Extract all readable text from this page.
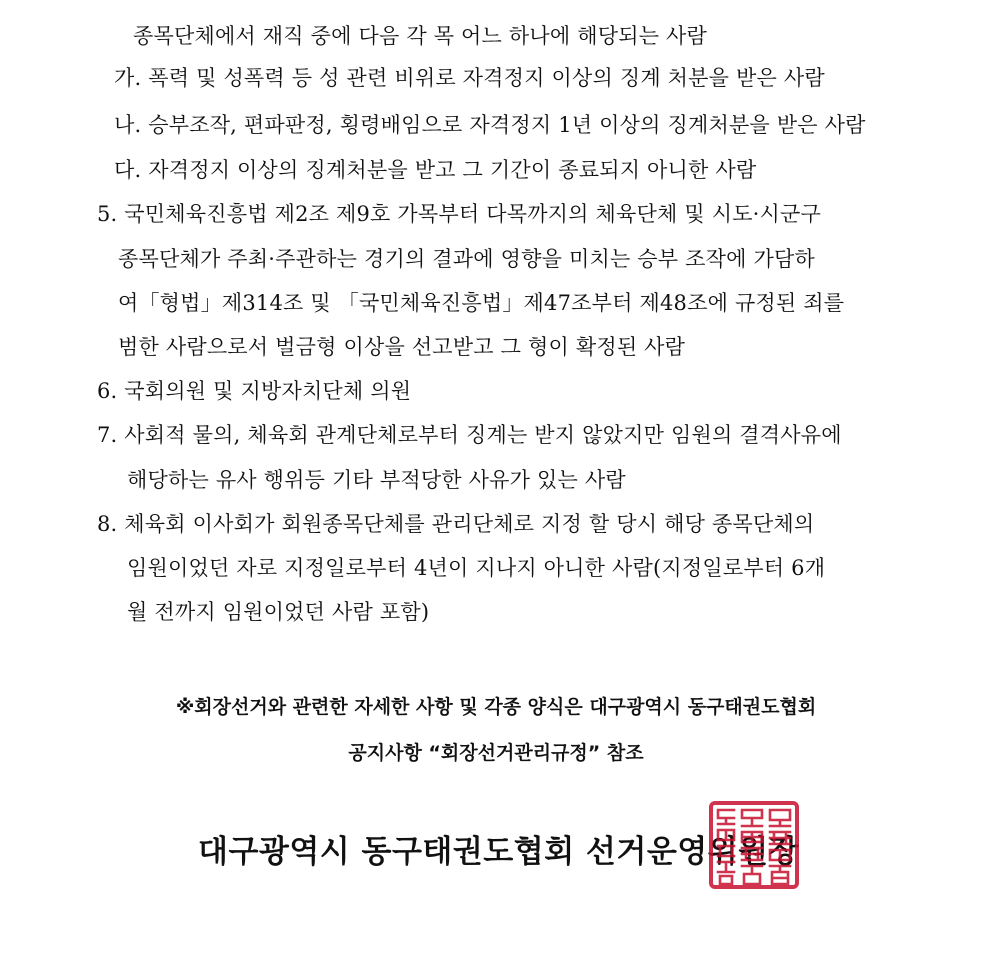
종목단체에서 재직 중에 다음 각 목 어느 하나에 해당되는 사람
가. 폭력 및 성폭력 등 성 관련 비위로 자격정지 이상의 징계 처분을 받은 사람
나. 승부조작, 편파판정, 횡령배임으로 자격정지 1년 이상의 징계처분을 받은 사람
다. 자격정지 이상의 징계처분을 받고 그 기간이 종료되지 아니한 사람
5. 국민체육진흥법 제2조 제9호 가목부터 다목까지의 체육단체 및 시도·시군구
종목단체가 주최·주관하는 경기의 결과에 영향을 미치는 승부 조작에 가담하
여「형법」제314조 및 「국민체육진흥법」제47조부터 제48조에 규정된 죄를
범한 사람으로서 벌금형 이상을 선고받고 그 형이 확정된 사람
6. 국회의원 및 지방자치단체 의원
7. 사회적 물의, 체육회 관계단체로부터 징계는 받지 않았지만 임원의 결격사유에
해당하는 유사 행위등 기타 부적당한 사유가 있는 사람
8. 체육회 이사회가 회원종목단체를 관리단체로 지정 할 당시 해당 종목단체의
임원이었던 자로 지정일로부터 4년이 지나지 아니한 사람(지정일로부터 6개
월 전까지 임원이었던 사람 포함)
※회장선거와 관련한 자세한 사항 및 각종 양식은 대구광역시 동구태권도협회
공지사항 “회장선거관리규정” 참조
대구광역시 동구태권도협회 선거운영위원장
